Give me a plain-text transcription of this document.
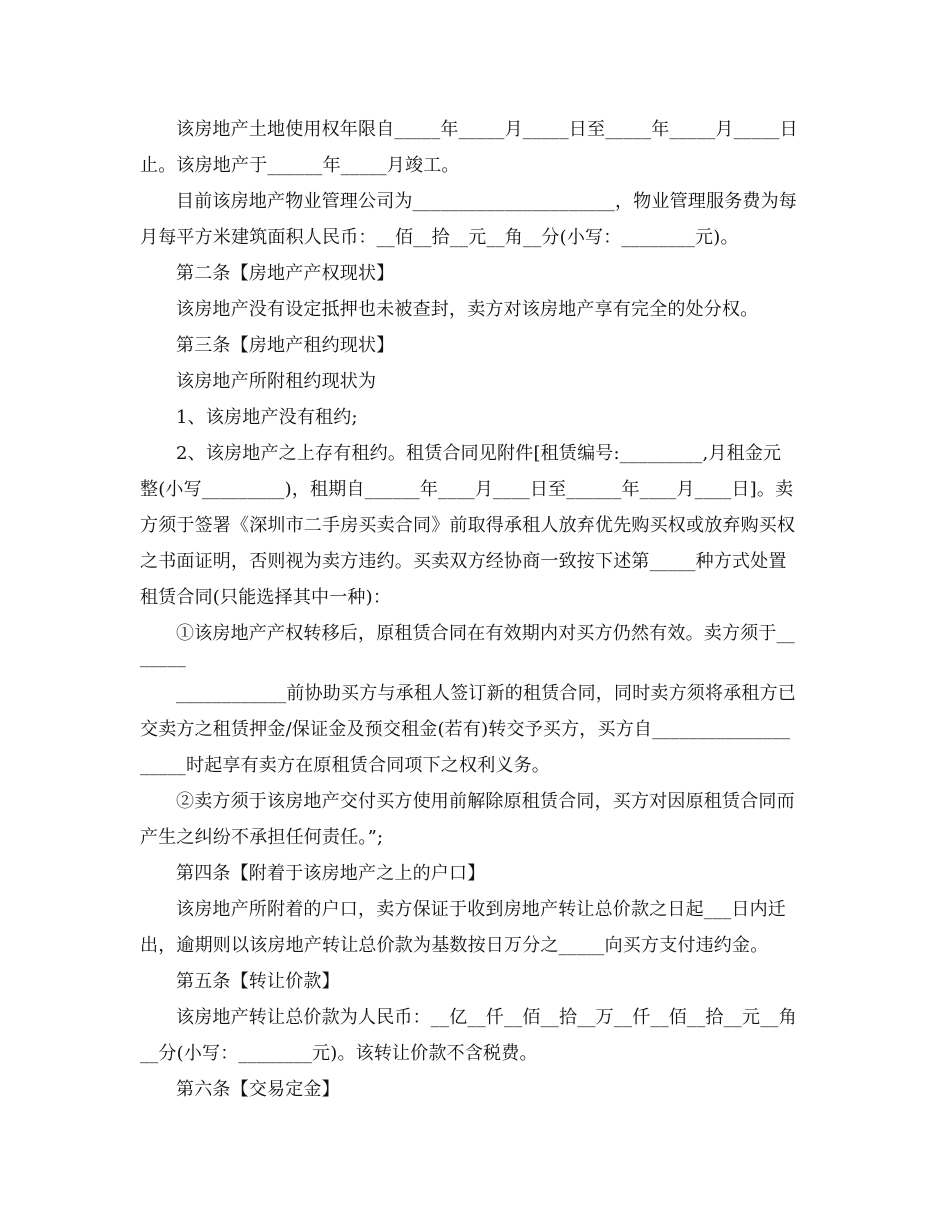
该房地产土地使用权年限自_____年_____月_____日至_____年_____月_____日
止。该房地产于______年_____月竣工。
目前该房地产物业管理公司为______________________，物业管理服务费为每
月每平方米建筑面积人民币：__佰__拾__元__角__分(小写：________元)。
第二条【房地产产权现状】
该房地产没有设定抵押也未被查封，卖方对该房地产享有完全的处分权。
第三条【房地产租约现状】
该房地产所附租约现状为
1、该房地产没有租约;
2、该房地产之上存有租约。租赁合同见附件[租赁编号:_________,月租金元
整(小写_________)，租期自______年____月____日至______年____月____日]。卖
方须于签署《深圳市二手房买卖合同》前取得承租人放弃优先购买权或放弃购买权
之书面证明，否则视为卖方违约。买卖双方经协商一致按下述第_____种方式处置
租赁合同(只能选择其中一种)：
①该房地产产权转移后，原租赁合同在有效期内对买方仍然有效。卖方须于__
_____
____________前协助买方与承租人签订新的租赁合同，同时卖方须将承租方已
交卖方之租赁押金/保证金及预交租金(若有)转交予买方，买方自_______________
_____时起享有卖方在原租赁合同项下之权利义务。
②卖方须于该房地产交付买方使用前解除原租赁合同，买方对因原租赁合同而
产生之纠纷不承担任何责任。”;
第四条【附着于该房地产之上的户口】
该房地产所附着的户口，卖方保证于收到房地产转让总价款之日起___日内迁
出，逾期则以该房地产转让总价款为基数按日万分之_____向买方支付违约金。
第五条【转让价款】
该房地产转让总价款为人民币：__亿__仟__佰__拾__万__仟__佰__拾__元__角
__分(小写：________元)。该转让价款不含税费。
第六条【交易定金】
